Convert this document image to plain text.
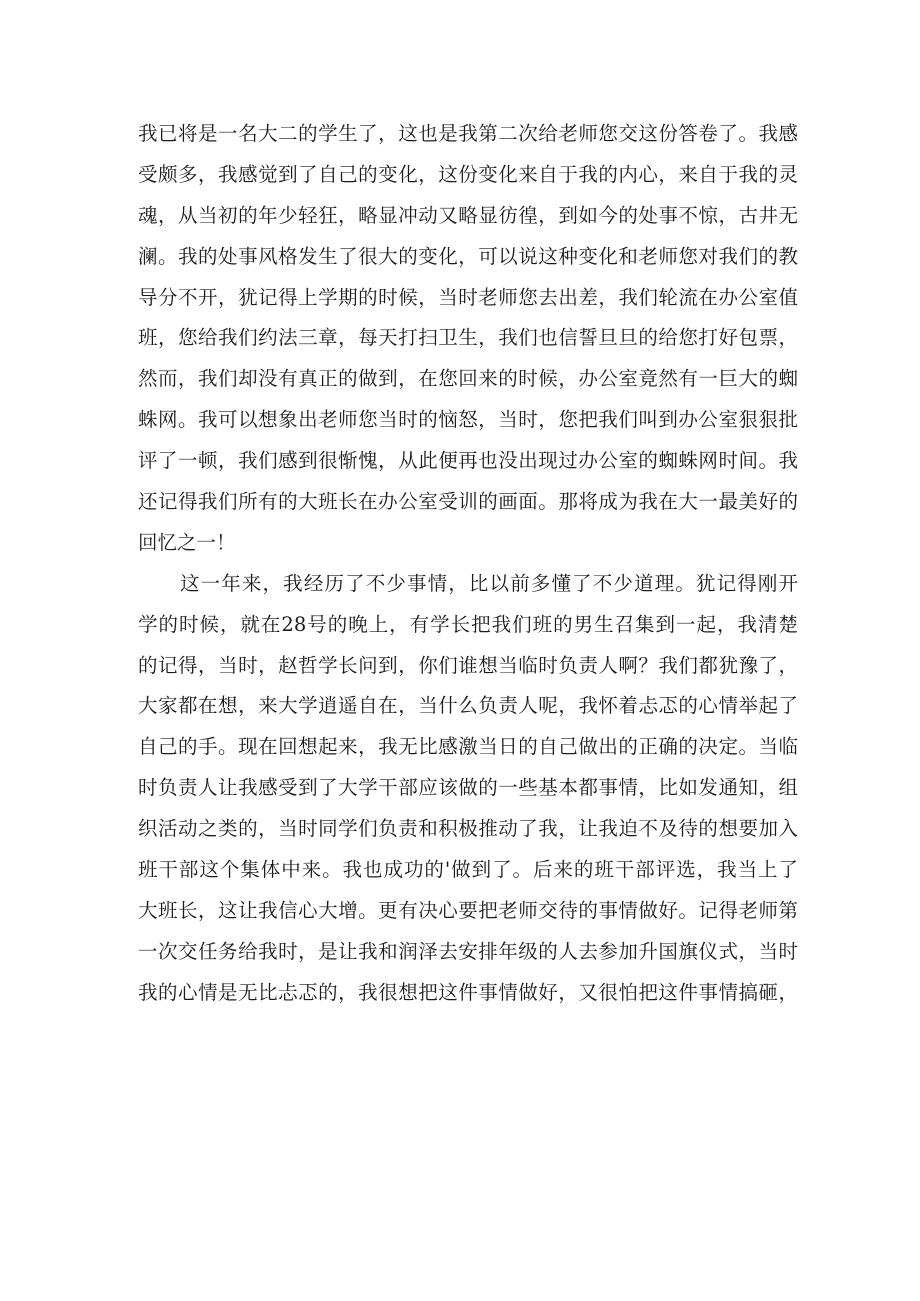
我已将是一名大二的学生了，这也是我第二次给老师您交这份答卷了。我感
受颇多，我感觉到了自己的变化，这份变化来自于我的内心，来自于我的灵
魂，从当初的年少轻狂，略显冲动又略显彷徨，到如今的处事不惊，古井无
澜。我的处事风格发生了很大的变化，可以说这种变化和老师您对我们的教
导分不开，犹记得上学期的时候，当时老师您去出差，我们轮流在办公室值
班，您给我们约法三章，每天打扫卫生，我们也信誓旦旦的给您打好包票，
然而，我们却没有真正的做到，在您回来的时候，办公室竟然有一巨大的蜘
蛛网。我可以想象出老师您当时的恼怒，当时，您把我们叫到办公室狠狠批
评了一顿，我们感到很惭愧，从此便再也没出现过办公室的蜘蛛网时间。我
还记得我们所有的大班长在办公室受训的画面。那将成为我在大一最美好的
回忆之一！
这一年来，我经历了不少事情，比以前多懂了不少道理。犹记得刚开
学的时候，就在28号的晚上，有学长把我们班的男生召集到一起，我清楚
的记得，当时，赵哲学长问到，你们谁想当临时负责人啊？我们都犹豫了，
大家都在想，来大学逍遥自在，当什么负责人呢，我怀着忐忑的心情举起了
自己的手。现在回想起来，我无比感激当日的自己做出的正确的决定。当临
时负责人让我感受到了大学干部应该做的一些基本都事情，比如发通知，组
织活动之类的，当时同学们负责和积极推动了我，让我迫不及待的想要加入
班干部这个集体中来。我也成功的'做到了。后来的班干部评选，我当上了
大班长，这让我信心大增。更有决心要把老师交待的事情做好。记得老师第
一次交任务给我时，是让我和润泽去安排年级的人去参加升国旗仪式，当时
我的心情是无比忐忑的，我很想把这件事情做好，又很怕把这件事情搞砸，
